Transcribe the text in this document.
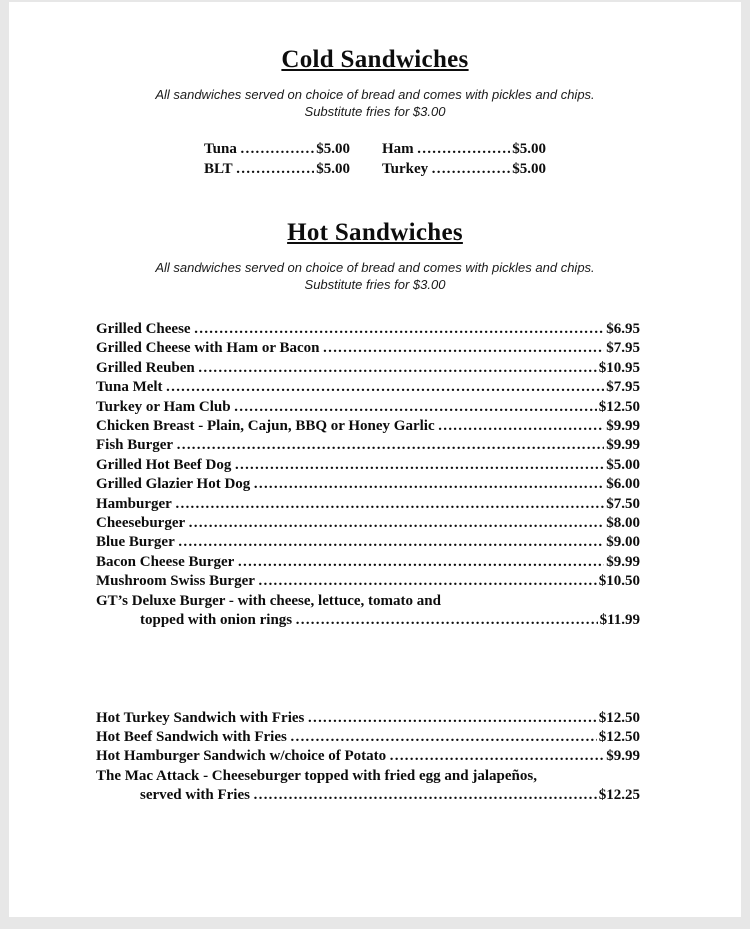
Cold Sandwiches

All sandwiches served on choice of bread and comes with pickles and chips.

Substitute fries for $3.00

Tuna ………………………………………………………………………………………………………………………………	$5.00
BLT ………………………………………………………………………………………………………………………………	$5.00
Ham ………………………………………………………………………………………………………………………………	$5.00
Turkey ………………………………………………………………………………………………………………………………	$5.00
Hot Sandwiches

All sandwiches served on choice of bread and comes with pickles and chips.

Substitute fries for $3.00

Grilled Cheese ………………………………………………………………………………………………………………………………	$6.95
Grilled Cheese with Ham or Bacon ………………………………………………………………………………………………………………………………	$7.95
Grilled Reuben ………………………………………………………………………………………………………………………………	$10.95
Tuna Melt ………………………………………………………………………………………………………………………………	$7.95
Turkey or Ham Club ………………………………………………………………………………………………………………………………	$12.50
Chicken Breast - Plain, Cajun, BBQ or Honey Garlic ………………………………………………………………………………………………………………………………	$9.99
Fish Burger ………………………………………………………………………………………………………………………………	$9.99
Grilled Hot Beef Dog ………………………………………………………………………………………………………………………………	$5.00
Grilled Glazier Hot Dog ………………………………………………………………………………………………………………………………	$6.00
Hamburger ………………………………………………………………………………………………………………………………	$7.50
Cheeseburger ………………………………………………………………………………………………………………………………	$8.00
Blue Burger ………………………………………………………………………………………………………………………………	$9.00
Bacon Cheese Burger ………………………………………………………………………………………………………………………………	$9.99
Mushroom Swiss Burger ………………………………………………………………………………………………………………………………	$10.50
GT’s Deluxe Burger - with cheese, lettuce, tomato and
topped with onion rings ………………………………………………………………………………………………………………………………	$11.99
Hot Turkey Sandwich with Fries ………………………………………………………………………………………………………………………………	$12.50
Hot Beef Sandwich with Fries ………………………………………………………………………………………………………………………………	$12.50
Hot Hamburger Sandwich w/choice of Potato ………………………………………………………………………………………………………………………………	$9.99
The Mac Attack - Cheeseburger topped with fried egg and jalapeños,
served with Fries ………………………………………………………………………………………………………………………………	$12.25
